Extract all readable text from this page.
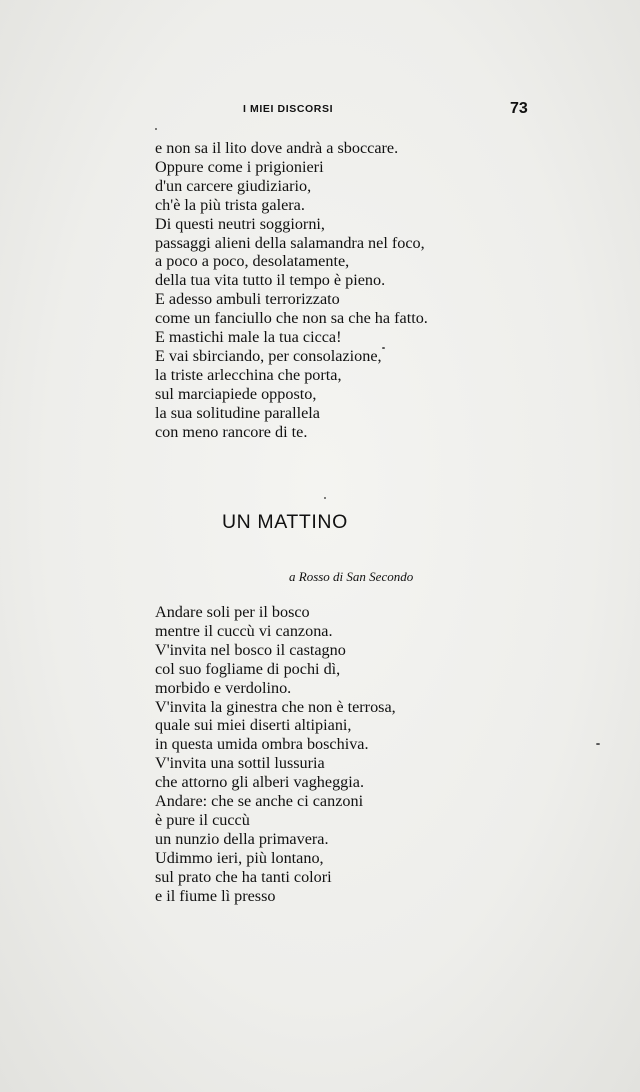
I MIEI DISCORSI	73
e non sa il lito dove andrà a sboccare.
Oppure come i prigionieri
d'un carcere giudiziario,
ch'è la più trista galera.
Di questi neutri soggiorni,
passaggi alieni della salamandra nel foco,
a poco a poco, desolatamente,
della tua vita tutto il tempo è pieno.
E adesso ambuli terrorizzato
come un fanciullo che non sa che ha fatto.
E mastichi male la tua cicca!
E vai sbirciando, per consolazione,
la triste arlecchina che porta,
sul marciapiede opposto,
la sua solitudine parallela
con meno rancore di te.
UN MATTINO
a Rosso di San Secondo
Andare soli per il bosco
mentre il cuccù vi canzona.
V'invita nel bosco il castagno
col suo fogliame di pochi dì,
morbido e verdolino.
V'invita la ginestra che non è terrosa,
quale sui miei diserti altipiani,
in questa umida ombra boschiva.
V'invita una sottil lussuria
che attorno gli alberi vagheggia.
Andare: che se anche ci canzoni
è pure il cuccù
un nunzio della primavera.
Udimmo ieri, più lontano,
sul prato che ha tanti colori
e il fiume lì presso
